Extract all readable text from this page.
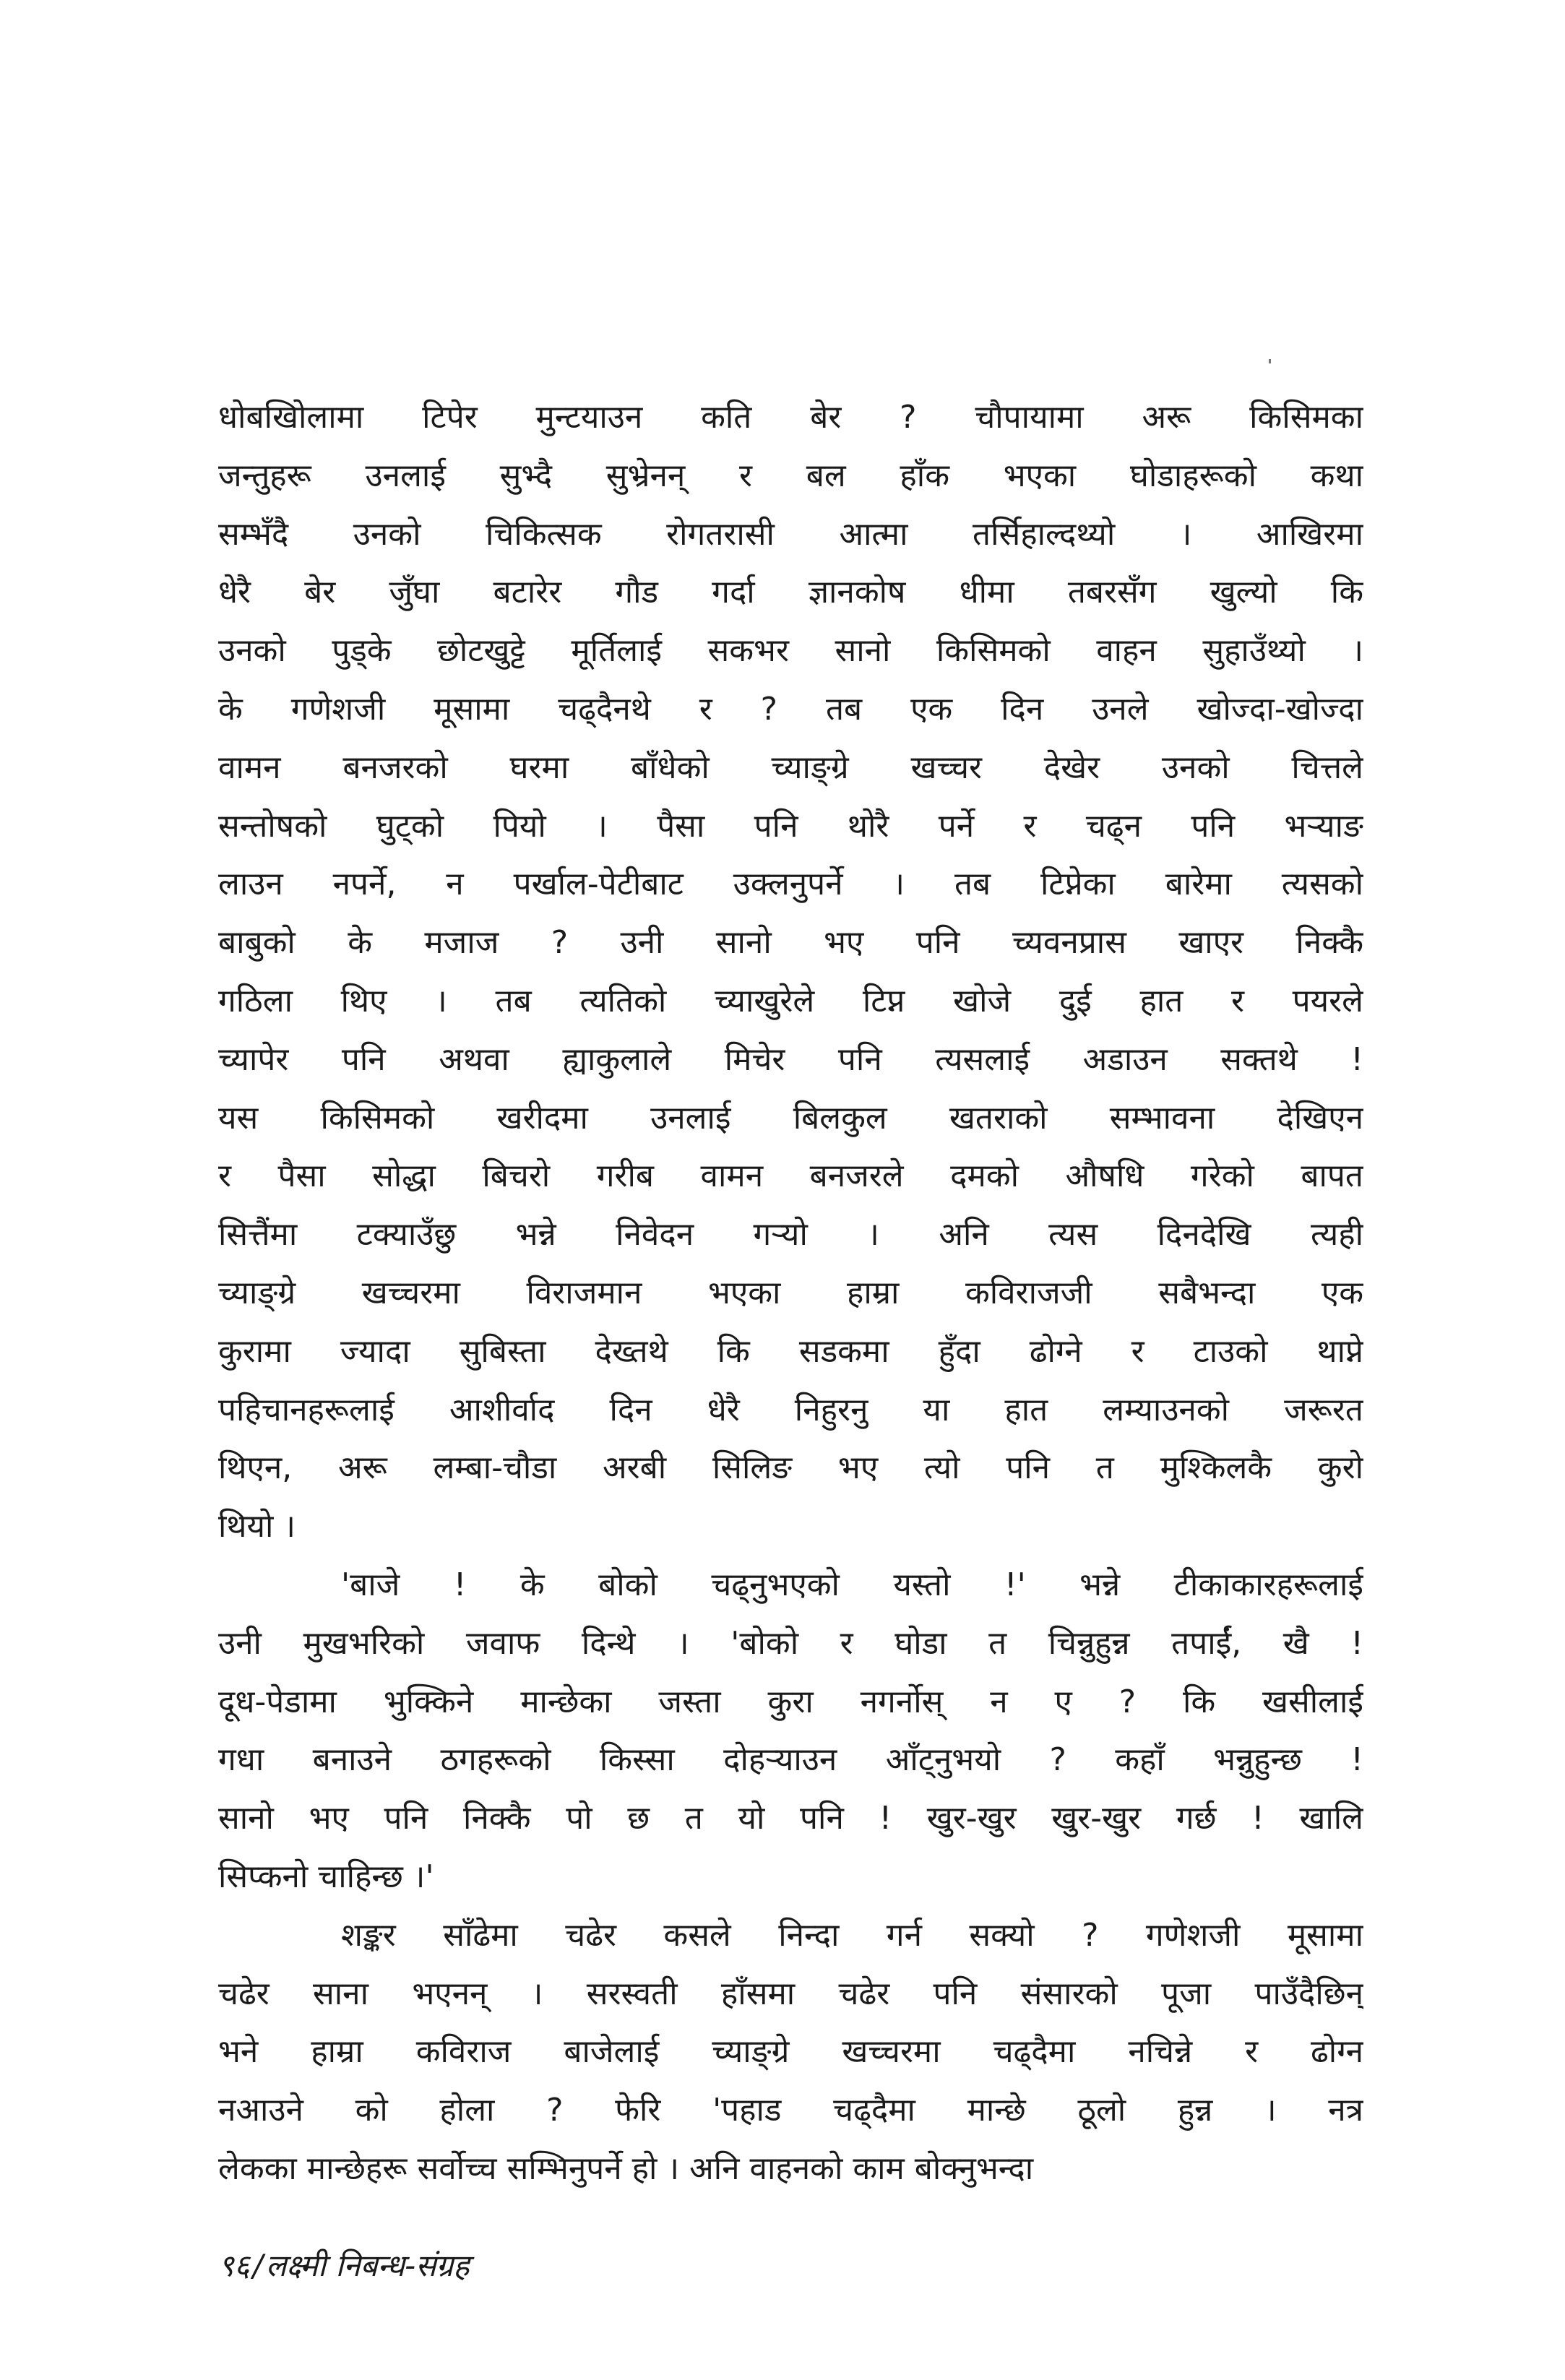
धोबखिोलामा टिपेर मुन्टयाउन कति बेर ? चौपायामा अरू किसिमका
जन्तुहरू उनलाई सुभ्दै सुभ्रेनन् र बल हाँक भएका घोडाहरूको कथा
सम्भँदै उनको चिकित्सक रोगतरासी आत्मा तर्सिहाल्दथ्यो । आखिरमा
धेरै बेर जुँघा बटारेर गौड गर्दा ज्ञानकोष धीमा तबरसँग खुल्यो कि
उनको पुड्के छोटखुट्टे मूर्तिलाई सकभर सानो किसिमको वाहन सुहाउँथ्यो ।
के गणेशजी मूसामा चढ्दैनथे र ? तब एक दिन उनले खोज्दा-खोज्दा
वामन बनजरको घरमा बाँधेको च्याङ्ग्रे खच्चर देखेर उनको चित्तले
सन्तोषको घुट्को पियो । पैसा पनि थोरै पर्ने र चढ्न पनि भऱ्याङ
लाउन नपर्ने, न पर्खाल-पेटीबाट उक्लनुपर्ने । तब टिप्नेका बारेमा त्यसको
बाबुको के मजाज ? उनी सानो भए पनि च्यवनप्रास खाएर निक्कै
गठिला थिए । तब त्यतिको च्याखुरेले टिप्न खोजे दुई हात र पयरले
च्यापेर पनि अथवा ह्याकुलाले मिचेर पनि त्यसलाई अडाउन सक्तथे !
यस किसिमको खरीदमा उनलाई बिलकुल खतराको सम्भावना देखिएन
र पैसा सोद्धा बिचरो गरीब वामन बनजरले दमको औषधि गरेको बापत
सित्तैंमा टक्याउँछु भन्ने निवेदन गऱ्यो । अनि त्यस दिनदेखि त्यही
च्याङ्ग्रे खच्चरमा विराजमान भएका हाम्रा कविराजजी सबैभन्दा एक
कुरामा ज्यादा सुबिस्ता देख्तथे कि सडकमा हुँदा ढोग्ने र टाउको थाप्ने
पहिचानहरूलाई आशीर्वाद दिन धेरै निहुरनु या हात लम्याउनको जरूरत
थिएन, अरू लम्बा-चौडा अरबी सिलिङ भए त्यो पनि त मुश्किलकै कुरो
थियो ।

'बाजे ! के बोको चढ्नुभएको यस्तो !' भन्ने टीकाकारहरूलाई
उनी मुखभरिको जवाफ दिन्थे । 'बोको र घोडा त चिन्नुहुन्न तपाईं, खै !
दूध-पेडामा भुक्किने मान्छेका जस्ता कुरा नगर्नोस् न ए ? कि खसीलाई
गधा बनाउने ठगहरूको किस्सा दोहऱ्याउन आँट्नुभयो ? कहाँ भन्नुहुन्छ !
सानो भए पनि निक्कै पो छ त यो पनि ! खुर-खुर खुर-खुर गर्छ ! खालि
सिप्कनो चाहिन्छ ।'

शङ्कर साँढेमा चढेर कसले निन्दा गर्न सक्यो ? गणेशजी मूसामा
चढेर साना भएनन् । सरस्वती हाँसमा चढेर पनि संसारको पूजा पाउँदैछिन्
भने हाम्रा कविराज बाजेलाई च्याङ्ग्रे खच्चरमा चढ्दैमा नचिन्ने र ढोग्न
नआउने को होला ? फेरि 'पहाड चढ्दैमा मान्छे ठूलो हुन्न । नत्र
लेकका मान्छेहरू सर्वोच्च सम्भिनुपर्ने हो । अनि वाहनको काम बोक्नुभन्दा

९६/लक्ष्मी निबन्ध-संग्रह
